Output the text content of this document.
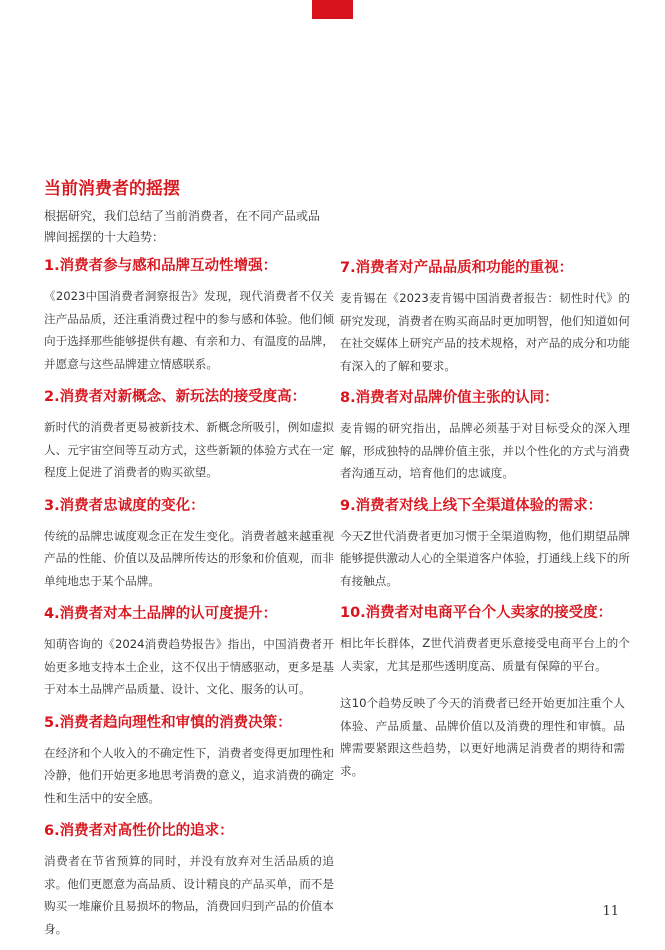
当前消费者的摇摆

根据研究，我们总结了当前消费者，在不同产品或品牌间摇摆的十大趋势：

1.消费者参与感和品牌互动性增强：

《2023中国消费者洞察报告》发现，现代消费者不仅关注产品品质，还注重消费过程中的参与感和体验。他们倾向于选择那些能够提供有趣、有亲和力、有温度的品牌，并愿意与这些品牌建立情感联系。

2.消费者对新概念、新玩法的接受度高：

新时代的消费者更易被新技术、新概念所吸引，例如虚拟人、元宇宙空间等互动方式，这些新颖的体验方式在一定程度上促进了消费者的购买欲望。

3.消费者忠诚度的变化：

传统的品牌忠诚度观念正在发生变化。消费者越来越重视产品的性能、价值以及品牌所传达的形象和价值观，而非单纯地忠于某个品牌。

4.消费者对本土品牌的认可度提升：

知萌咨询的《2024消费趋势报告》指出，中国消费者开始更多地支持本土企业，这不仅出于情感驱动，更多是基于对本土品牌产品质量、设计、文化、服务的认可。

5.消费者趋向理性和审慎的消费决策：

在经济和个人收入的不确定性下，消费者变得更加理性和冷静，他们开始更多地思考消费的意义，追求消费的确定性和生活中的安全感。

6.消费者对高性价比的追求：

消费者在节省预算的同时，并没有放弃对生活品质的追求。他们更愿意为高品质、设计精良的产品买单，而不是购买一堆廉价且易损坏的物品，消费回归到产品的价值本身。

7.消费者对产品品质和功能的重视：

麦肯锡在《2023麦肯锡中国消费者报告：韧性时代》的研究发现，消费者在购买商品时更加明智，他们知道如何在社交媒体上研究产品的技术规格，对产品的成分和功能有深入的了解和要求。

8.消费者对品牌价值主张的认同：

麦肯锡的研究指出，品牌必须基于对目标受众的深入理解，形成独特的品牌价值主张，并以个性化的方式与消费者沟通互动，培育他们的忠诚度。

9.消费者对线上线下全渠道体验的需求：

今天Z世代消费者更加习惯于全渠道购物，他们期望品牌能够提供激动人心的全渠道客户体验，打通线上线下的所有接触点。

10.消费者对电商平台个人卖家的接受度：

相比年长群体，Z世代消费者更乐意接受电商平台上的个人卖家，尤其是那些透明度高、质量有保障的平台。

这10个趋势反映了今天的消费者已经开始更加注重个人体验、产品质量、品牌价值以及消费的理性和审慎。品牌需要紧跟这些趋势，以更好地满足消费者的期待和需求。

11
